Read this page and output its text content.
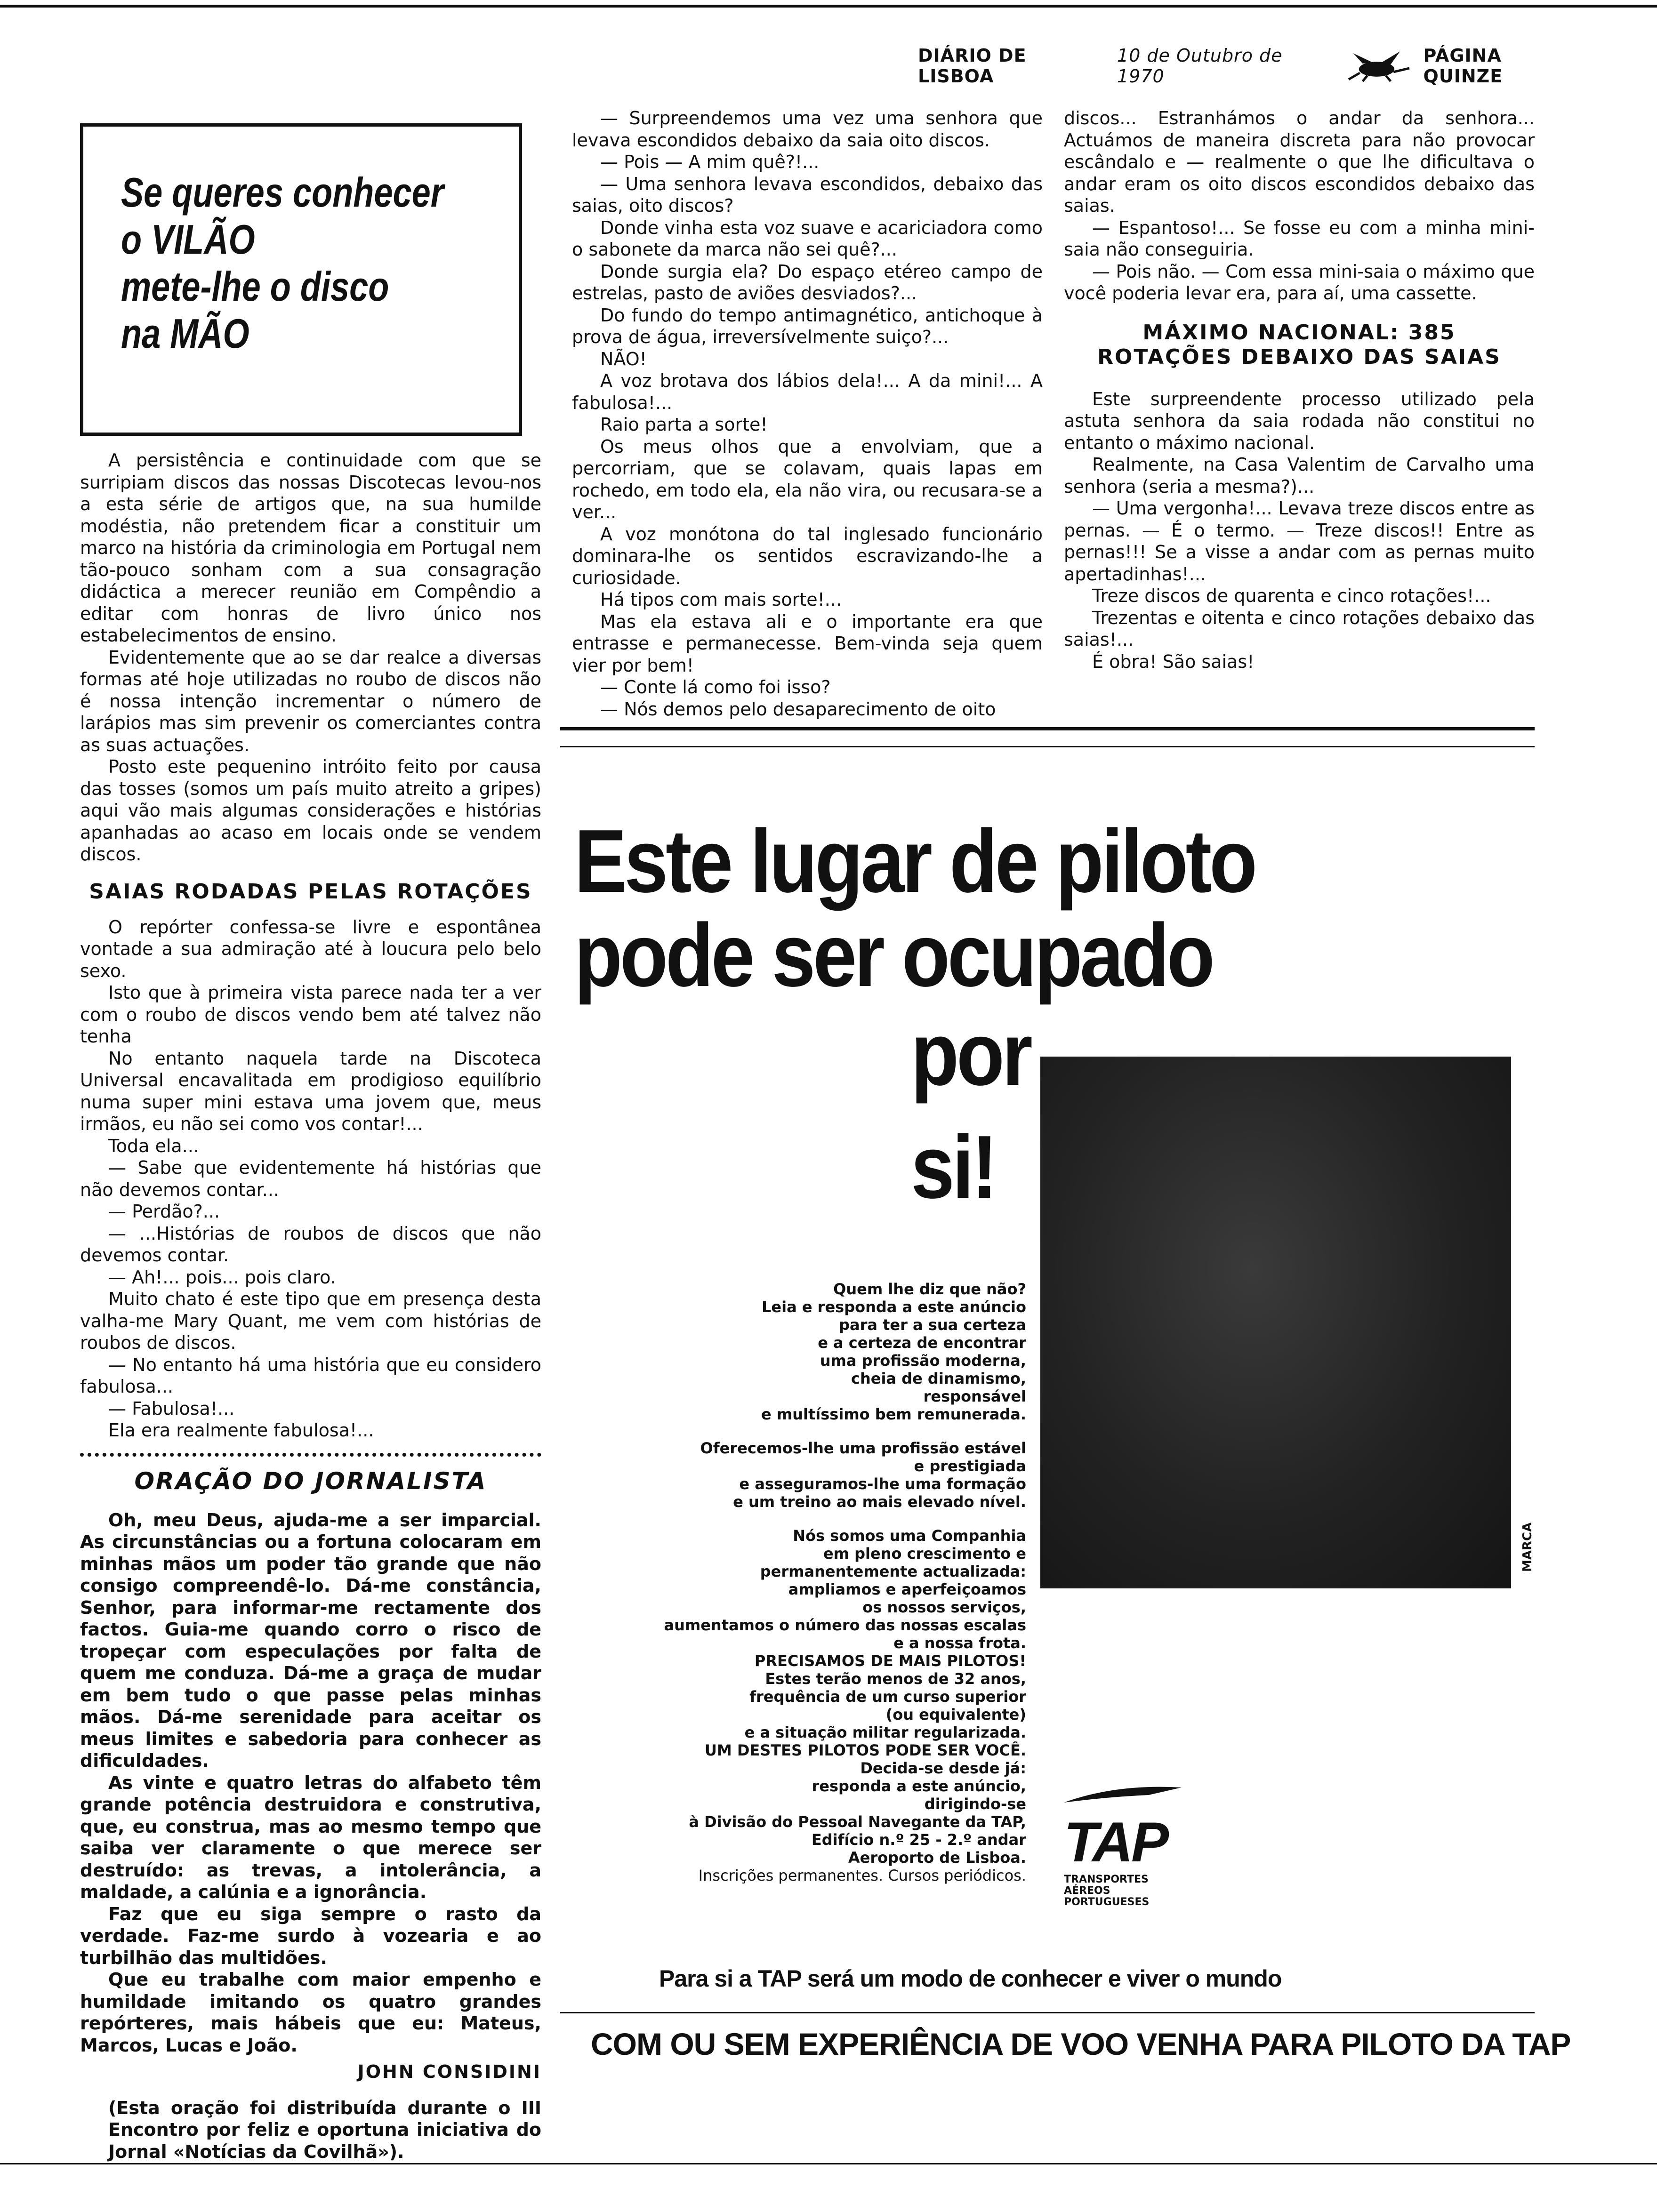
DIÁRIO DE LISBOA
10 de Outubro de 1970
PÁGINA QUINZE
Se queres conhecer
o VILÃO
mete-lhe o disco
na MÃO

A persistência e continuidade com que se surripiam discos das nossas Discotecas levou-nos a esta série de artigos que, na sua humilde modéstia, não pretendem ficar a constituir um marco na história da criminologia em Portugal nem tão-pouco sonham com a sua consagração didáctica a merecer reunião em Compêndio a editar com honras de livro único nos estabelecimentos de ensino.

Evidentemente que ao se dar realce a diversas formas até hoje utilizadas no roubo de discos não é nossa intenção incrementar o número de larápios mas sim prevenir os comerciantes contra as suas actuações.

Posto este pequenino intróito feito por causa das tosses (somos um país muito atreito a gripes) aqui vão mais algumas considerações e histórias apanhadas ao acaso em locais onde se vendem discos.

SAIAS RODADAS PELAS ROTAÇÕES

O repórter confessa-se livre e espontânea vontade a sua admiração até à loucura pelo belo sexo.

Isto que à primeira vista parece nada ter a ver com o roubo de discos vendo bem até talvez não tenha

No entanto naquela tarde na Discoteca Universal encavalitada em prodigioso equilíbrio numa super mini estava uma jovem que, meus irmãos, eu não sei como vos contar!...

Toda ela...

— Sabe que evidentemente há histórias que não devemos contar...

— Perdão?...

— ...Histórias de roubos de discos que não devemos contar.

— Ah!... pois... pois claro.

Muito chato é este tipo que em presença desta valha-me Mary Quant, me vem com histórias de roubos de discos.

— No entanto há uma história que eu considero fabulosa...

— Fabulosa!...

Ela era realmente fabulosa!...

ORAÇÃO DO JORNALISTA

Oh, meu Deus, ajuda-me a ser imparcial. As circunstâncias ou a fortuna colocaram em minhas mãos um poder tão grande que não consigo compreendê-lo. Dá-me constância, Senhor, para informar-me rectamente dos factos. Guia-me quando corro o risco de tropeçar com especulações por falta de quem me conduza. Dá-me a graça de mudar em bem tudo o que passe pelas minhas mãos. Dá-me serenidade para aceitar os meus limites e sabedoria para conhecer as dificuldades.

As vinte e quatro letras do alfabeto têm grande potência destruidora e construtiva, que, eu construa, mas ao mesmo tempo que saiba ver claramente o que merece ser destruído: as trevas, a intolerância, a maldade, a calúnia e a ignorância.

Faz que eu siga sempre o rasto da verdade. Faz-me surdo à vozearia e ao turbilhão das multidões.

Que eu trabalhe com maior empenho e humildade imitando os quatro grandes repórteres, mais hábeis que eu: Mateus, Marcos, Lucas e João.

JOHN CONSIDINI

(Esta oração foi distribuída durante o III Encontro por feliz e oportuna iniciativa do Jornal «Notícias da Covilhã»).

— Surpreendemos uma vez uma senhora que levava escondidos debaixo da saia oito discos.

— Pois — A mim quê?!...

— Uma senhora levava escondidos, debaixo das saias, oito discos?

Donde vinha esta voz suave e acariciadora como o sabonete da marca não sei quê?...

Donde surgia ela? Do espaço etéreo campo de estrelas, pasto de aviões desviados?...

Do fundo do tempo antimagnético, antichoque à prova de água, irreversívelmente suiço?...

NÃO!

A voz brotava dos lábios dela!... A da mini!... A fabulosa!...

Raio parta a sorte!

Os meus olhos que a envolviam, que a percorriam, que se colavam, quais lapas em rochedo, em todo ela, ela não vira, ou recusara-se a ver...

A voz monótona do tal inglesado funcionário dominara-lhe os sentidos escravizando-lhe a curiosidade.

Há tipos com mais sorte!...

Mas ela estava ali e o importante era que entrasse e permanecesse. Bem-vinda seja quem vier por bem!

— Conte lá como foi isso?

— Nós demos pelo desaparecimento de oito

discos... Estranhámos o andar da senhora... Actuámos de maneira discreta para não provocar escândalo e — realmente o que lhe dificultava o andar eram os oito discos escondidos debaixo das saias.

— Espantoso!... Se fosse eu com a minha mini-saia não conseguiria.

— Pois não. — Com essa mini-saia o máximo que você poderia levar era, para aí, uma cassette.

MÁXIMO NACIONAL: 385 ROTAÇÕES DEBAIXO DAS SAIAS

Este surpreendente processo utilizado pela astuta senhora da saia rodada não constitui no entanto o máximo nacional.

Realmente, na Casa Valentim de Carvalho uma senhora (seria a mesma?)...

— Uma vergonha!... Levava treze discos entre as pernas. — É o termo. — Treze discos!! Entre as pernas!!! Se a visse a andar com as pernas muito apertadinhas!...

Treze discos de quarenta e cinco rotações!...

Trezentas e oitenta e cinco rotações debaixo das saias!...

É obra! São saias!

Este lugar de piloto
pode ser ocupado
por
si!
MARCA

Quem lhe diz que não?

Leia e responda a este anúncio

para ter a sua certeza

e a certeza de encontrar

uma profissão moderna,

cheia de dinamismo,

responsável

e multíssimo bem remunerada.

Oferecemos-lhe uma profissão estável

e prestigiada

e asseguramos-lhe uma formação

e um treino ao mais elevado nível.

Nós somos uma Companhia

em pleno crescimento e

permanentemente actualizada:

ampliamos e aperfeiçoamos

os nossos serviços,

aumentamos o número das nossas escalas

e a nossa frota.

PRECISAMOS DE MAIS PILOTOS!

Estes terão menos de 32 anos,

frequência de um curso superior

(ou equivalente)

e a situação militar regularizada.

UM DESTES PILOTOS PODE SER VOCÊ.

Decida-se desde já:

responda a este anúncio,

dirigindo-se

à Divisão do Pessoal Navegante da TAP,

Edifício n.º 25 - 2.º andar

Aeroporto de Lisboa.

Inscrições permanentes. Cursos periódicos.

TAP
TRANSPORTES
AÉREOS
PORTUGUESES
Para si a TAP será um modo de conhecer e viver o mundo
COM OU SEM EXPERIÊNCIA DE VOO VENHA PARA PILOTO DA TAP
